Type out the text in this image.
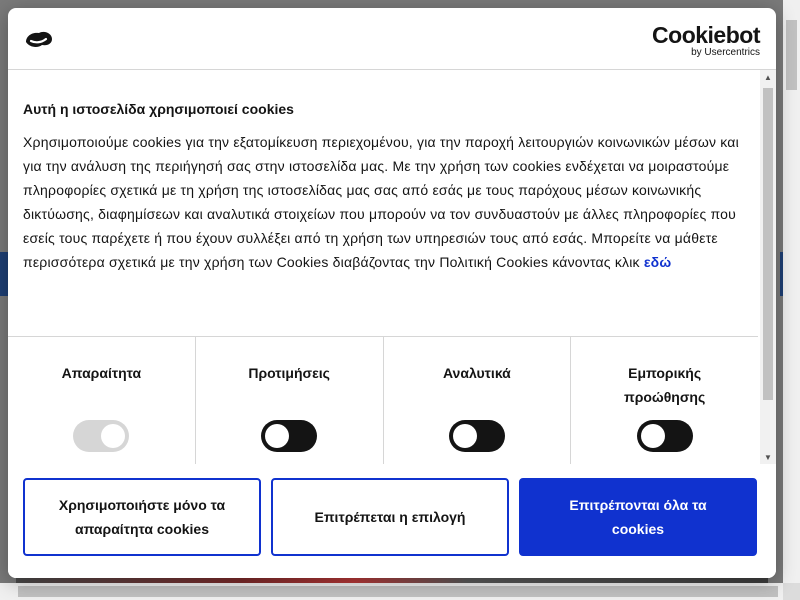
Cookiebot
by Usercentrics
Αυτή η ιστοσελίδα χρησιμοποιεί cookies

Χρησιμοποιούμε cookies για την εξατομίκευση περιεχομένου, για την παροχή λειτουργιών κοινωνικών μέσων και για την ανάλυση της περιήγησή σας στην ιστοσελίδα μας. Με την χρήση των cookies ενδέχεται να μοιραστούμε πληροφορίες σχετικά με τη χρήση της ιστοσελίδας μας σας από εσάς με τους παρόχους μέσων κοινωνικής δικτύωσης, διαφημίσεων και αναλυτικά στοιχείων που μπορούν να τον συνδυαστούν με άλλες πληροφορίες που εσείς τους παρέχετε ή που έχουν συλλέξει από τη χρήση των υπηρεσιών τους από εσάς. Μπορείτε να μάθετε περισσότερα σχετικά με την χρήση των Cookies διαβάζοντας την Πολιτική Cookies κάνοντας κλικ εδώ

Απαραίτητα	Προτιμήσεις	Αναλυτικά	Εμπορικής προώθησης
▲
▼
Χρησιμοποιήστε μόνο τα απαραίτητα cookies
Επιτρέπεται η επιλογή
Επιτρέπονται όλα τα cookies
